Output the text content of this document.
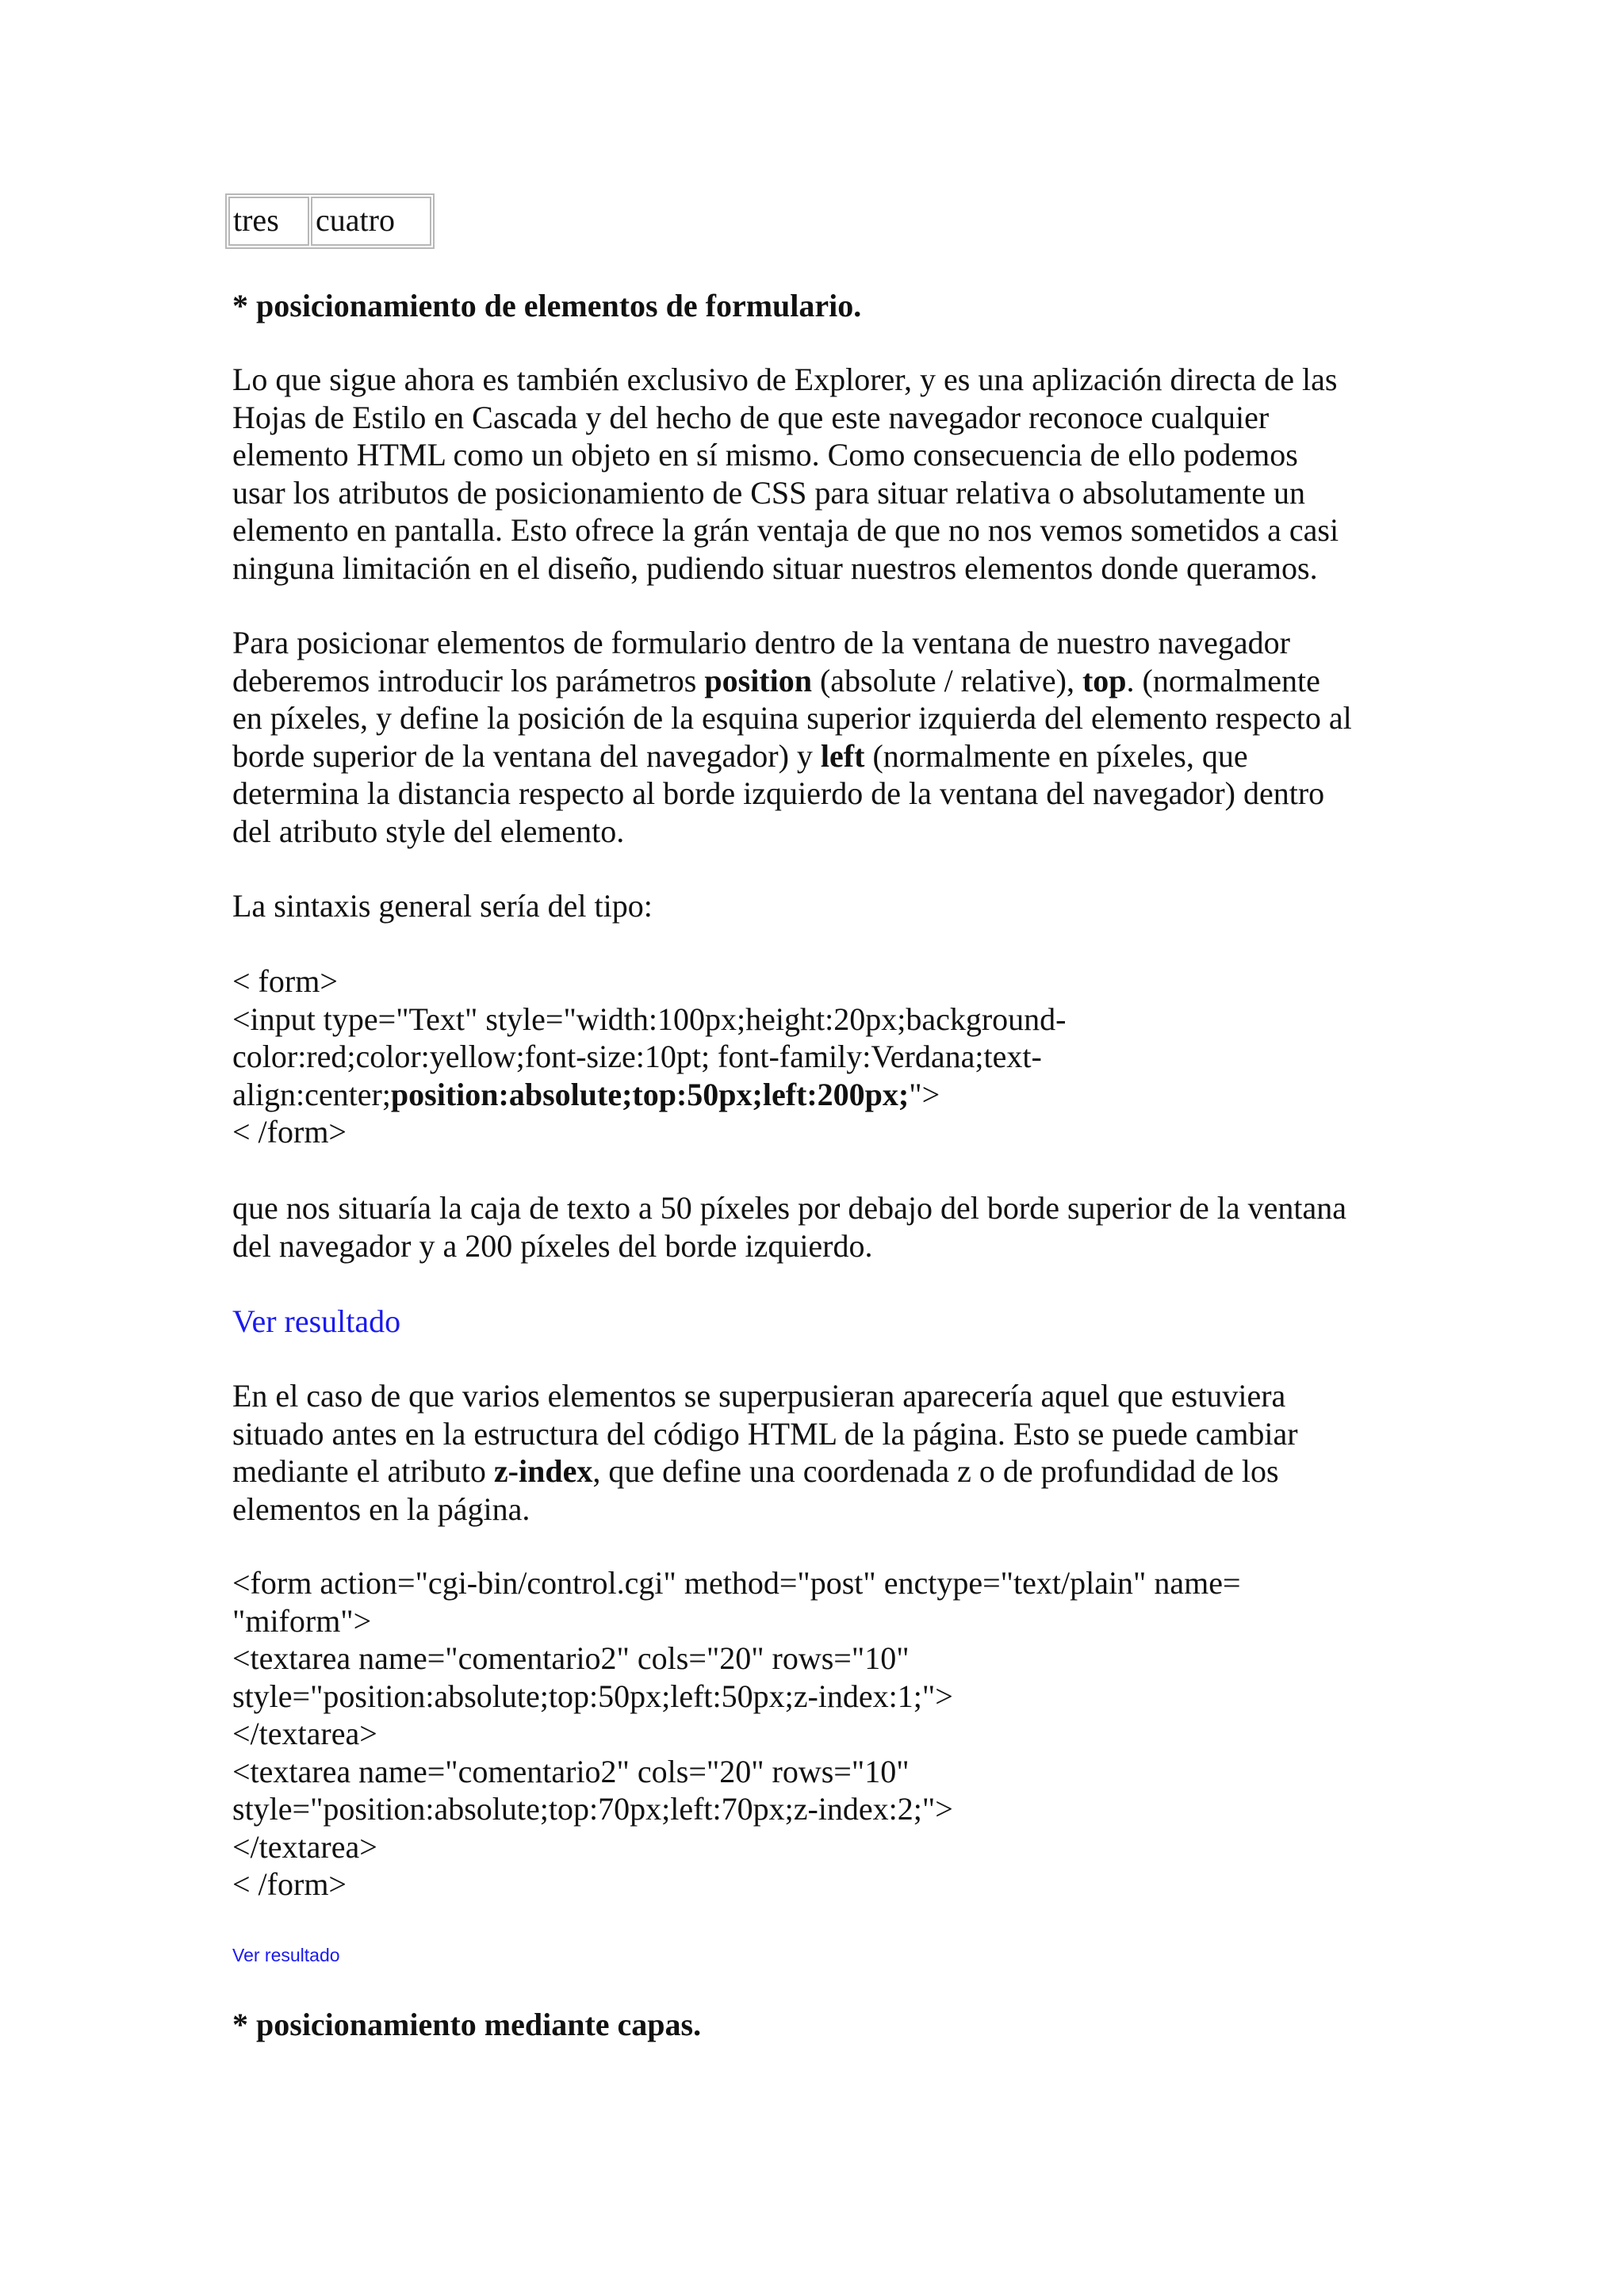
tres	cuatro
* posicionamiento de elementos de formulario.
Lo que sigue ahora es también exclusivo de Explorer, y es una aplización directa de las
Hojas de Estilo en Cascada y del hecho de que este navegador reconoce cualquier
elemento HTML como un objeto en sí mismo. Como consecuencia de ello podemos
usar los atributos de posicionamiento de CSS para situar relativa o absolutamente un
elemento en pantalla. Esto ofrece la grán ventaja de que no nos vemos sometidos a casi
ninguna limitación en el diseño, pudiendo situar nuestros elementos donde queramos.
Para posicionar elementos de formulario dentro de la ventana de nuestro navegador
deberemos introducir los parámetros position (absolute / relative), top. (normalmente
en píxeles, y define la posición de la esquina superior izquierda del elemento respecto al
borde superior de la ventana del navegador) y left (normalmente en píxeles, que
determina la distancia respecto al borde izquierdo de la ventana del navegador) dentro
del atributo style del elemento.
La sintaxis general sería del tipo:
< form>
<input type="Text" style="width:100px;height:20px;background-
color:red;color:yellow;font-size:10pt; font-family:Verdana;text-
align:center;position:absolute;top:50px;left:200px;">
< /form>
que nos situaría la caja de texto a 50 píxeles por debajo del borde superior de la ventana
del navegador y a 200 píxeles del borde izquierdo.
Ver resultado
En el caso de que varios elementos se superpusieran aparecería aquel que estuviera
situado antes en la estructura del código HTML de la página. Esto se puede cambiar
mediante el atributo z-index, que define una coordenada z o de profundidad de los
elementos en la página.
<form action="cgi-bin/control.cgi" method="post" enctype="text/plain" name=
"miform">
<textarea name="comentario2" cols="20" rows="10"
style="position:absolute;top:50px;left:50px;z-index:1;">
</textarea>
<textarea name="comentario2" cols="20" rows="10"
style="position:absolute;top:70px;left:70px;z-index:2;">
</textarea>
< /form>
Ver resultado
* posicionamiento mediante capas.
